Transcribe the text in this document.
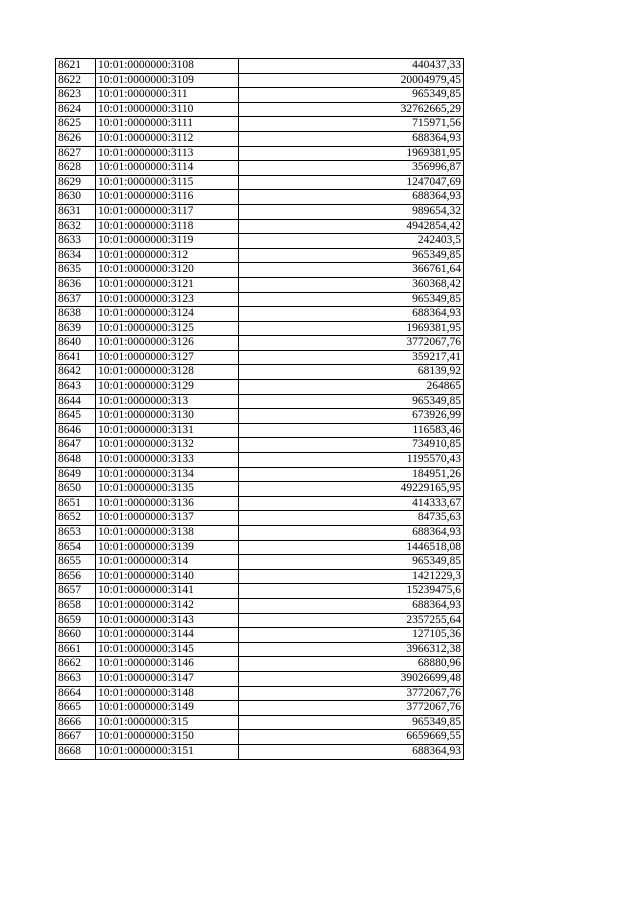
8621	10:01:0000000:3108	440437,33
8622	10:01:0000000:3109	20004979,45
8623	10:01:0000000:311	965349,85
8624	10:01:0000000:3110	32762665,29
8625	10:01:0000000:3111	715971,56
8626	10:01:0000000:3112	688364,93
8627	10:01:0000000:3113	1969381,95
8628	10:01:0000000:3114	356996,87
8629	10:01:0000000:3115	1247047,69
8630	10:01:0000000:3116	688364,93
8631	10:01:0000000:3117	989654,32
8632	10:01:0000000:3118	4942854,42
8633	10:01:0000000:3119	242403,5
8634	10:01:0000000:312	965349,85
8635	10:01:0000000:3120	366761,64
8636	10:01:0000000:3121	360368,42
8637	10:01:0000000:3123	965349,85
8638	10:01:0000000:3124	688364,93
8639	10:01:0000000:3125	1969381,95
8640	10:01:0000000:3126	3772067,76
8641	10:01:0000000:3127	359217,41
8642	10:01:0000000:3128	68139,92
8643	10:01:0000000:3129	264865
8644	10:01:0000000:313	965349,85
8645	10:01:0000000:3130	673926,99
8646	10:01:0000000:3131	116583,46
8647	10:01:0000000:3132	734910,85
8648	10:01:0000000:3133	1195570,43
8649	10:01:0000000:3134	184951,26
8650	10:01:0000000:3135	49229165,95
8651	10:01:0000000:3136	414333,67
8652	10:01:0000000:3137	84735,63
8653	10:01:0000000:3138	688364,93
8654	10:01:0000000:3139	1446518,08
8655	10:01:0000000:314	965349,85
8656	10:01:0000000:3140	1421229,3
8657	10:01:0000000:3141	15239475,6
8658	10:01:0000000:3142	688364,93
8659	10:01:0000000:3143	2357255,64
8660	10:01:0000000:3144	127105,36
8661	10:01:0000000:3145	3966312,38
8662	10:01:0000000:3146	68880,96
8663	10:01:0000000:3147	39026699,48
8664	10:01:0000000:3148	3772067,76
8665	10:01:0000000:3149	3772067,76
8666	10:01:0000000:315	965349,85
8667	10:01:0000000:3150	6659669,55
8668	10:01:0000000:3151	688364,93
